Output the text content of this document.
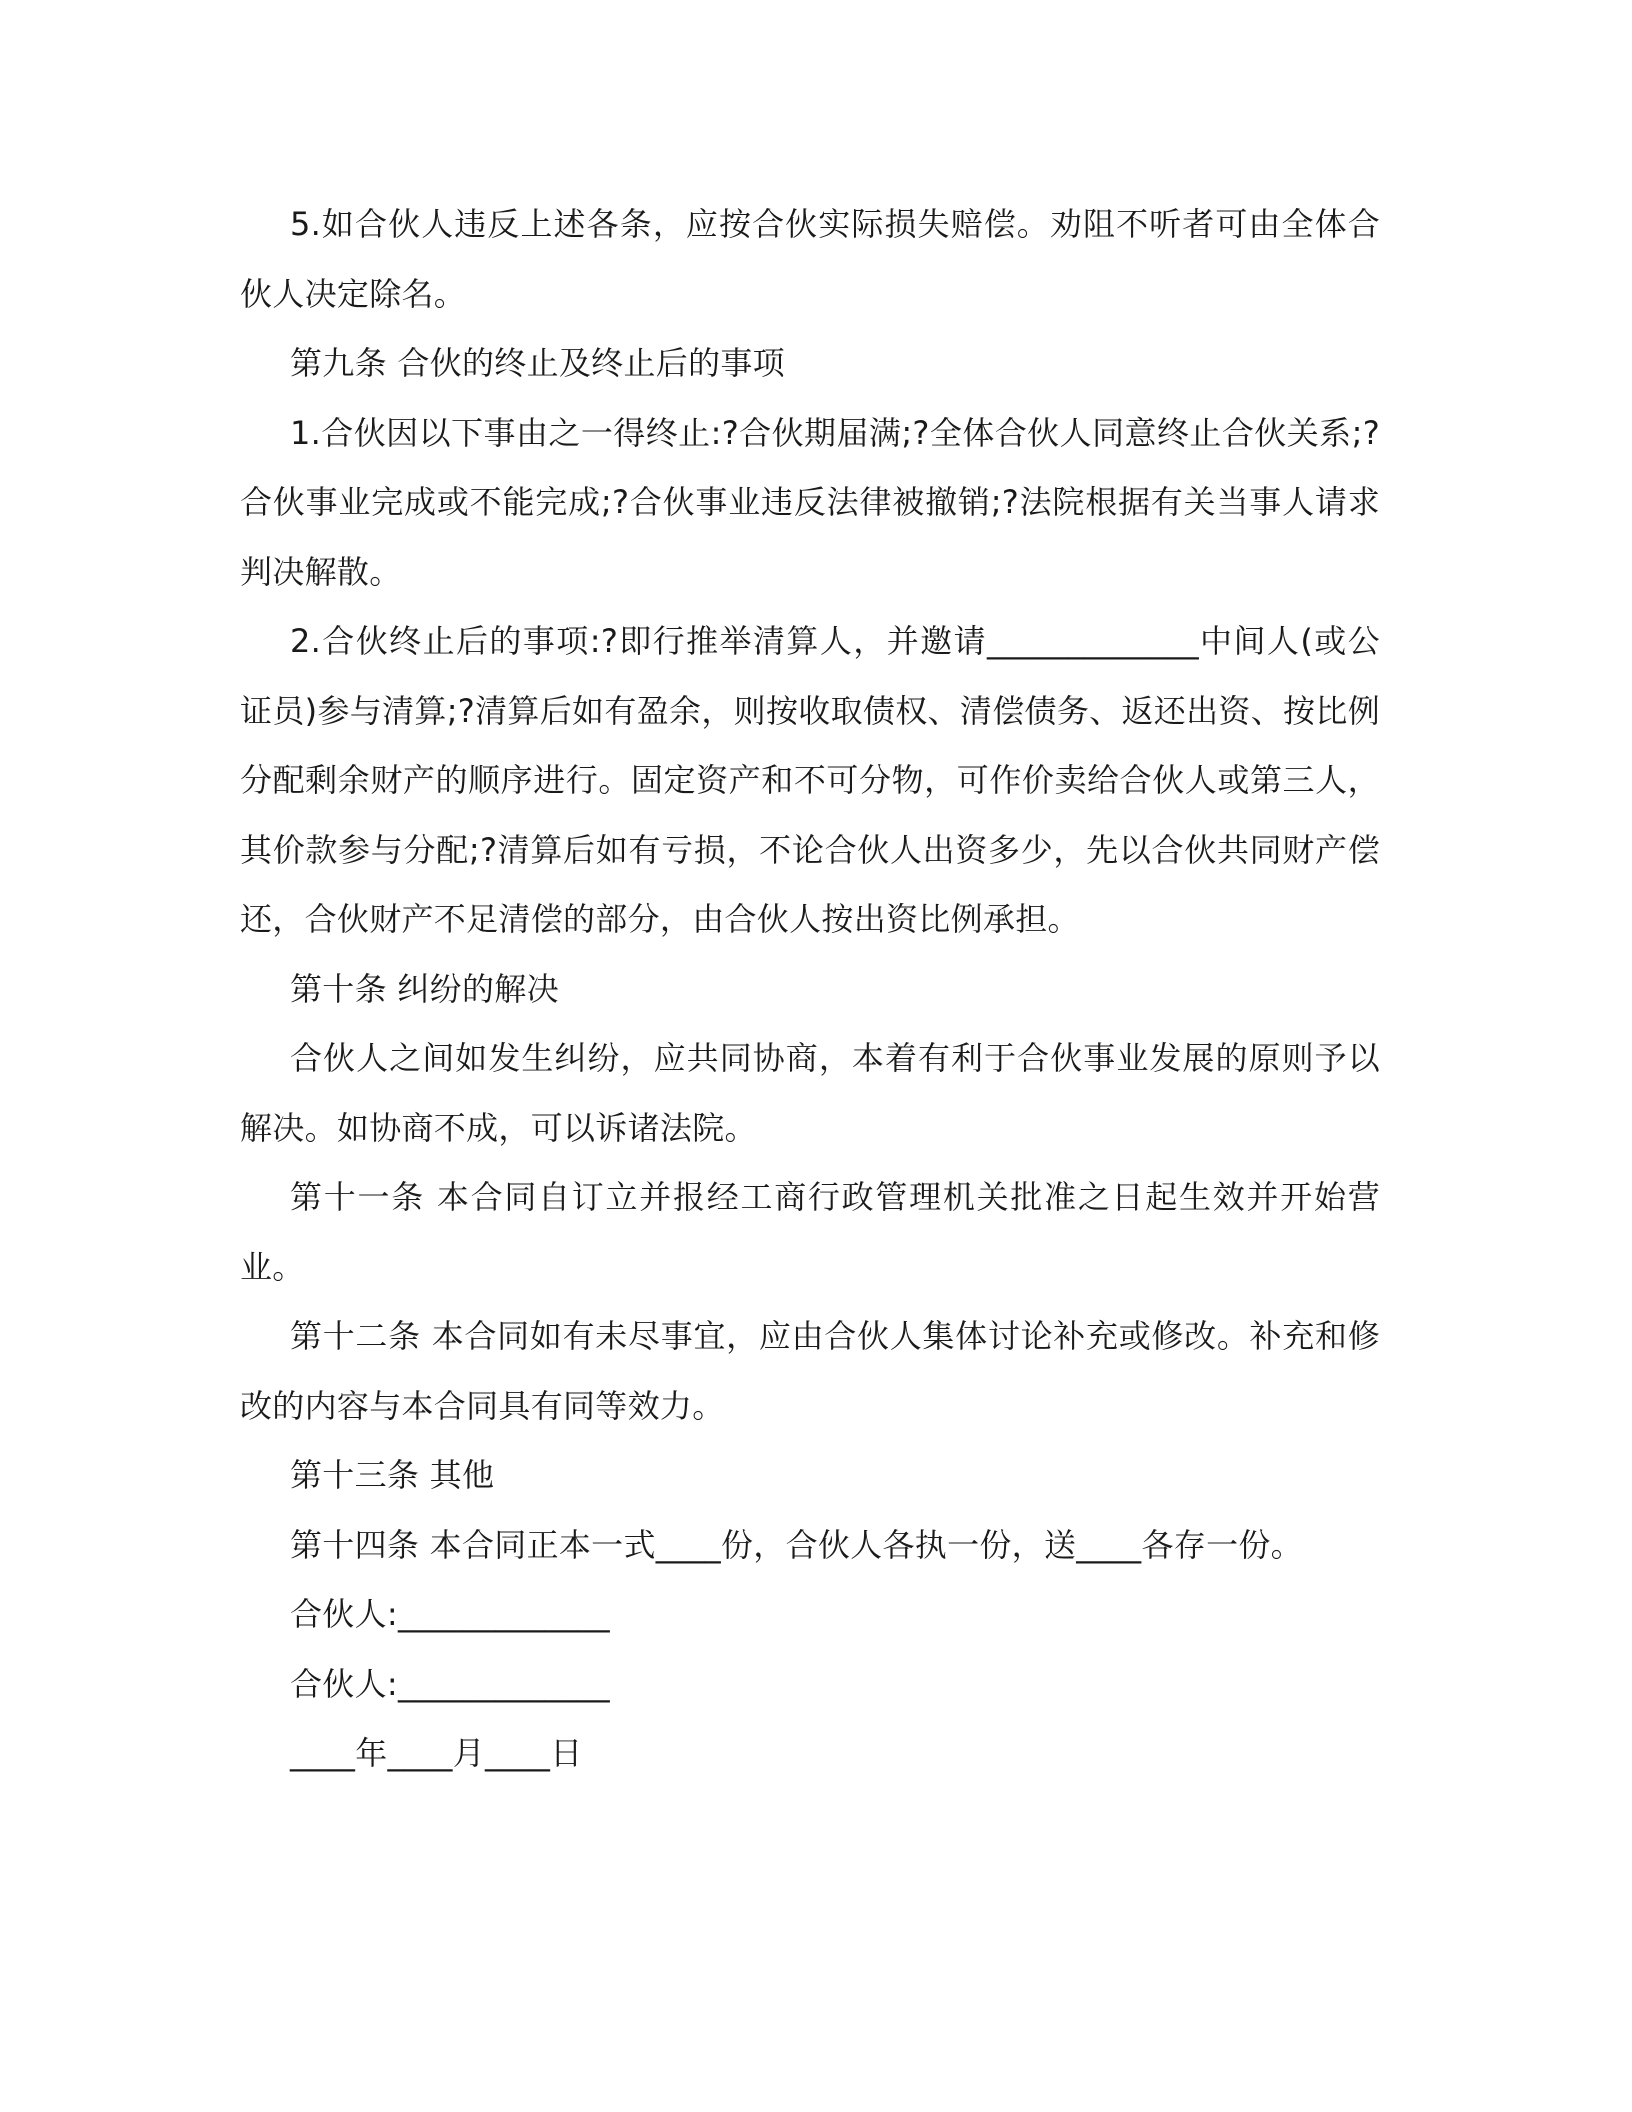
5.如合伙人违反上述各条，应按合伙实际损失赔偿。劝阻不听者可由全体合伙人决定除名。

第九条 合伙的终止及终止后的事项

1.合伙因以下事由之一得终止:?合伙期届满;?全体合伙人同意终止合伙关系;?合伙事业完成或不能完成;?合伙事业违反法律被撤销;?法院根据有关当事人请求判决解散。

2.合伙终止后的事项:?即行推举清算人，并邀请_____________中间人(或公证员)参与清算;?清算后如有盈余，则按收取债权、清偿债务、返还出资、按比例分配剩余财产的顺序进行。固定资产和不可分物，可作价卖给合伙人或第三人，其价款参与分配;?清算后如有亏损，不论合伙人出资多少，先以合伙共同财产偿还，合伙财产不足清偿的部分，由合伙人按出资比例承担。

第十条 纠纷的解决

合伙人之间如发生纠纷，应共同协商，本着有利于合伙事业发展的原则予以解决。如协商不成，可以诉诸法院。

第十一条 本合同自订立并报经工商行政管理机关批准之日起生效并开始营业。

第十二条 本合同如有未尽事宜，应由合伙人集体讨论补充或修改。补充和修改的内容与本合同具有同等效力。

第十三条 其他

第十四条 本合同正本一式____份，合伙人各执一份，送____各存一份。

合伙人:_____________

合伙人:_____________

____年____月____日
